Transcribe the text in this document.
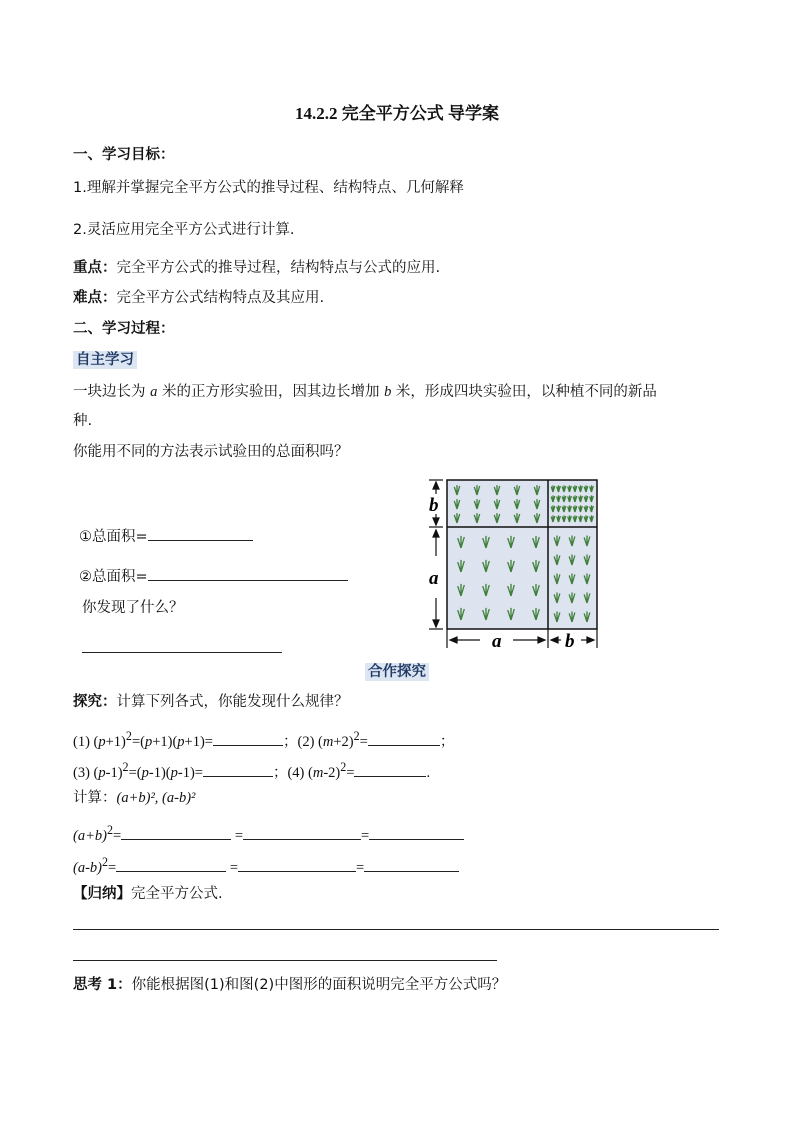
14.2.2 完全平方公式 导学案
一、学习目标：
1.理解并掌握完全平方公式的推导过程、结构特点、几何解释
2.灵活应用完全平方公式进行计算.
重点：完全平方公式的推导过程，结构特点与公式的应用.
难点：完全平方公式结构特点及其应用.
二、学习过程：
自主学习
一块边长为 a 米的正方形实验田，因其边长增加 b 米，形成四块实验田，以种植不同的新品
种.
你能用不同的方法表示试验田的总面积吗？
①总面积=
②总面积=
你发现了什么？
b
a
a	b
合作探究
探究：计算下列各式，你能发现什么规律？
(1) $(p+1)^2=(p+1)(p+1)=$	；(2) $(m+2)^2=$	；
(3) $(p-1)^2=(p-1)(p-1)=$	；(4) $(m-2)^2=$	.
计算：(a+b)², (a-b)²
$(a+b)^2=$	=	=
$(a-b)^2=$	=	=
【归纳】完全平方公式.
思考 1：你能根据图(1)和图(2)中图形的面积说明完全平方公式吗？
